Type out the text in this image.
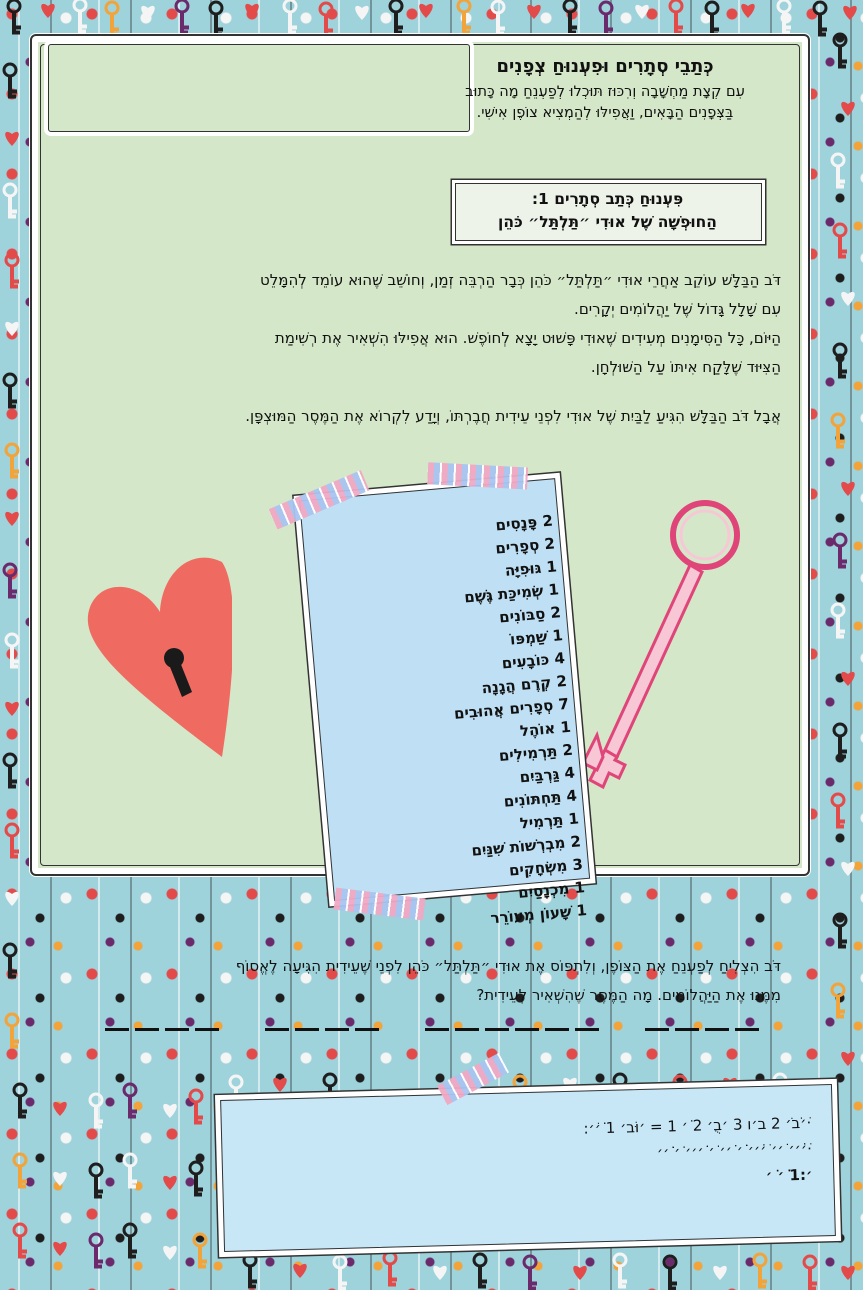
כְּתַבֵי סְתָרִים וּפִעְנוּחַ צְפָנִים
עִם קְצָת מַחְשָׁבָה וְרִכּוּז תּוּכְלוּ לְפַעְנֵחַ מָה כָּתוּב
בַּצְּפָנִים הַבָּאִים, וַאֲפִילּוּ לְהַמְצִיא צוֹפֶן אִישִׁי.
פִּעְנוּחַ כְּתַב סְתָרִים 1:
הַחוּפְשָׁה שֶׁל אוּדִי ״תַּלְתַּל״ כֹּהֵן
דֹּב הַבַּלָּשׁ עוֹקֵב אַחֲרֵי אוּדִי ״תַּלְתַּל״ כֹּהֵן כְּבָר הַרְבֵּה זְמַן, וְחוֹשֵׁב שֶׁהוּא עוֹמֵד לְהִמָּלֵט
עִם שָׁלָל גָּדוֹל שֶׁל יַהֲלוֹמִים יְקָרִים.
הַיּוֹם, כָּל הַסִּימָנִים מְעִידִים שֶׁאוּדִי פָּשׁוּט יָצָא לְחוֹפֶשׁ. הוּא אֲפִילּוּ הִשְׁאִיר אֶת רְשִׁימַת
הַצִּיּוּד שֶׁלָּקַח אִיתּוֹ עַל הַשּׁוּלְחָן.
אֲבָל דֹּב הַבַּלָּשׁ הִגִּיעַ לַבַּיִת שֶׁל אוּדִי לִפְנֵי עֵידִית חֲבֶרְתּוֹ, וְיָדַע לִקְרוֹא אֶת הַמֶּסֶר הַמּוּצְפָּן.
2 פָּנָסִים
2 סְפָרִים
1 גּוּפִיָּה
1 שְׂמִיכַּת גֶּשֶׁם
2 סַבּוֹנִים
1 שַׁמְפּוֹ
4 כּוֹבָעִים
2 קְרֶם הֲגָנָה
7 סְפָרִים אֲהוּבִים
1 אוֹהֶל
2 תַּרְמִילִים
4 גַּרְבַּיִם
4 תַּחְתּוֹנִים
1 תַּרְמִיל
2 מִבְרְשׁוֹת שִׁנַּיִם
3 מִשְׂחָקִים
1 מִכְנָסַיִם
1 שָׁעוֹן מְעוֹרֵר
דֹּב הִצְלִיחַ לְפַעְנֵחַ אֶת הַצּוֹפֶן, וְלִתְפּוֹס אֶת אוּדִי ״תַּלְתַּל״ כֹּהֵן לִפְנֵי שֶׁעֵידִית הִגִּיעָה לֶאֱסוֹף
מִמֶּנּוּ אֶת הַיַּהֲלוֹמִים. מָה הַמֶּסֶר שֶׁהִשְׁאִיר לְעֵידִית?
·׳ׁבֹׁׁ׳ 2 ב׳ו 3 ׳בֻ׳ 2 ׳ׁׁׁ 1 = ׳וּבׁ׳ 1 ׳ׁׁׁ׳ׁ:
·׳ׁ׳ׁׁׁׁ׳ ׳ׁׁ׳ ׳ׁ׳ׁׁׁ׳ ׳ׁׁׁׁׁ ׳ׁׁ׳ ׳ׁׁ ׳ׁׁׁׁׁׁ׳׳ ׳ׁׁׁ ׳ׁׁׁׁׁׁׁׁ׳
׳:1 ׳ׁׁׁׁׁ ׳ׁׁ
